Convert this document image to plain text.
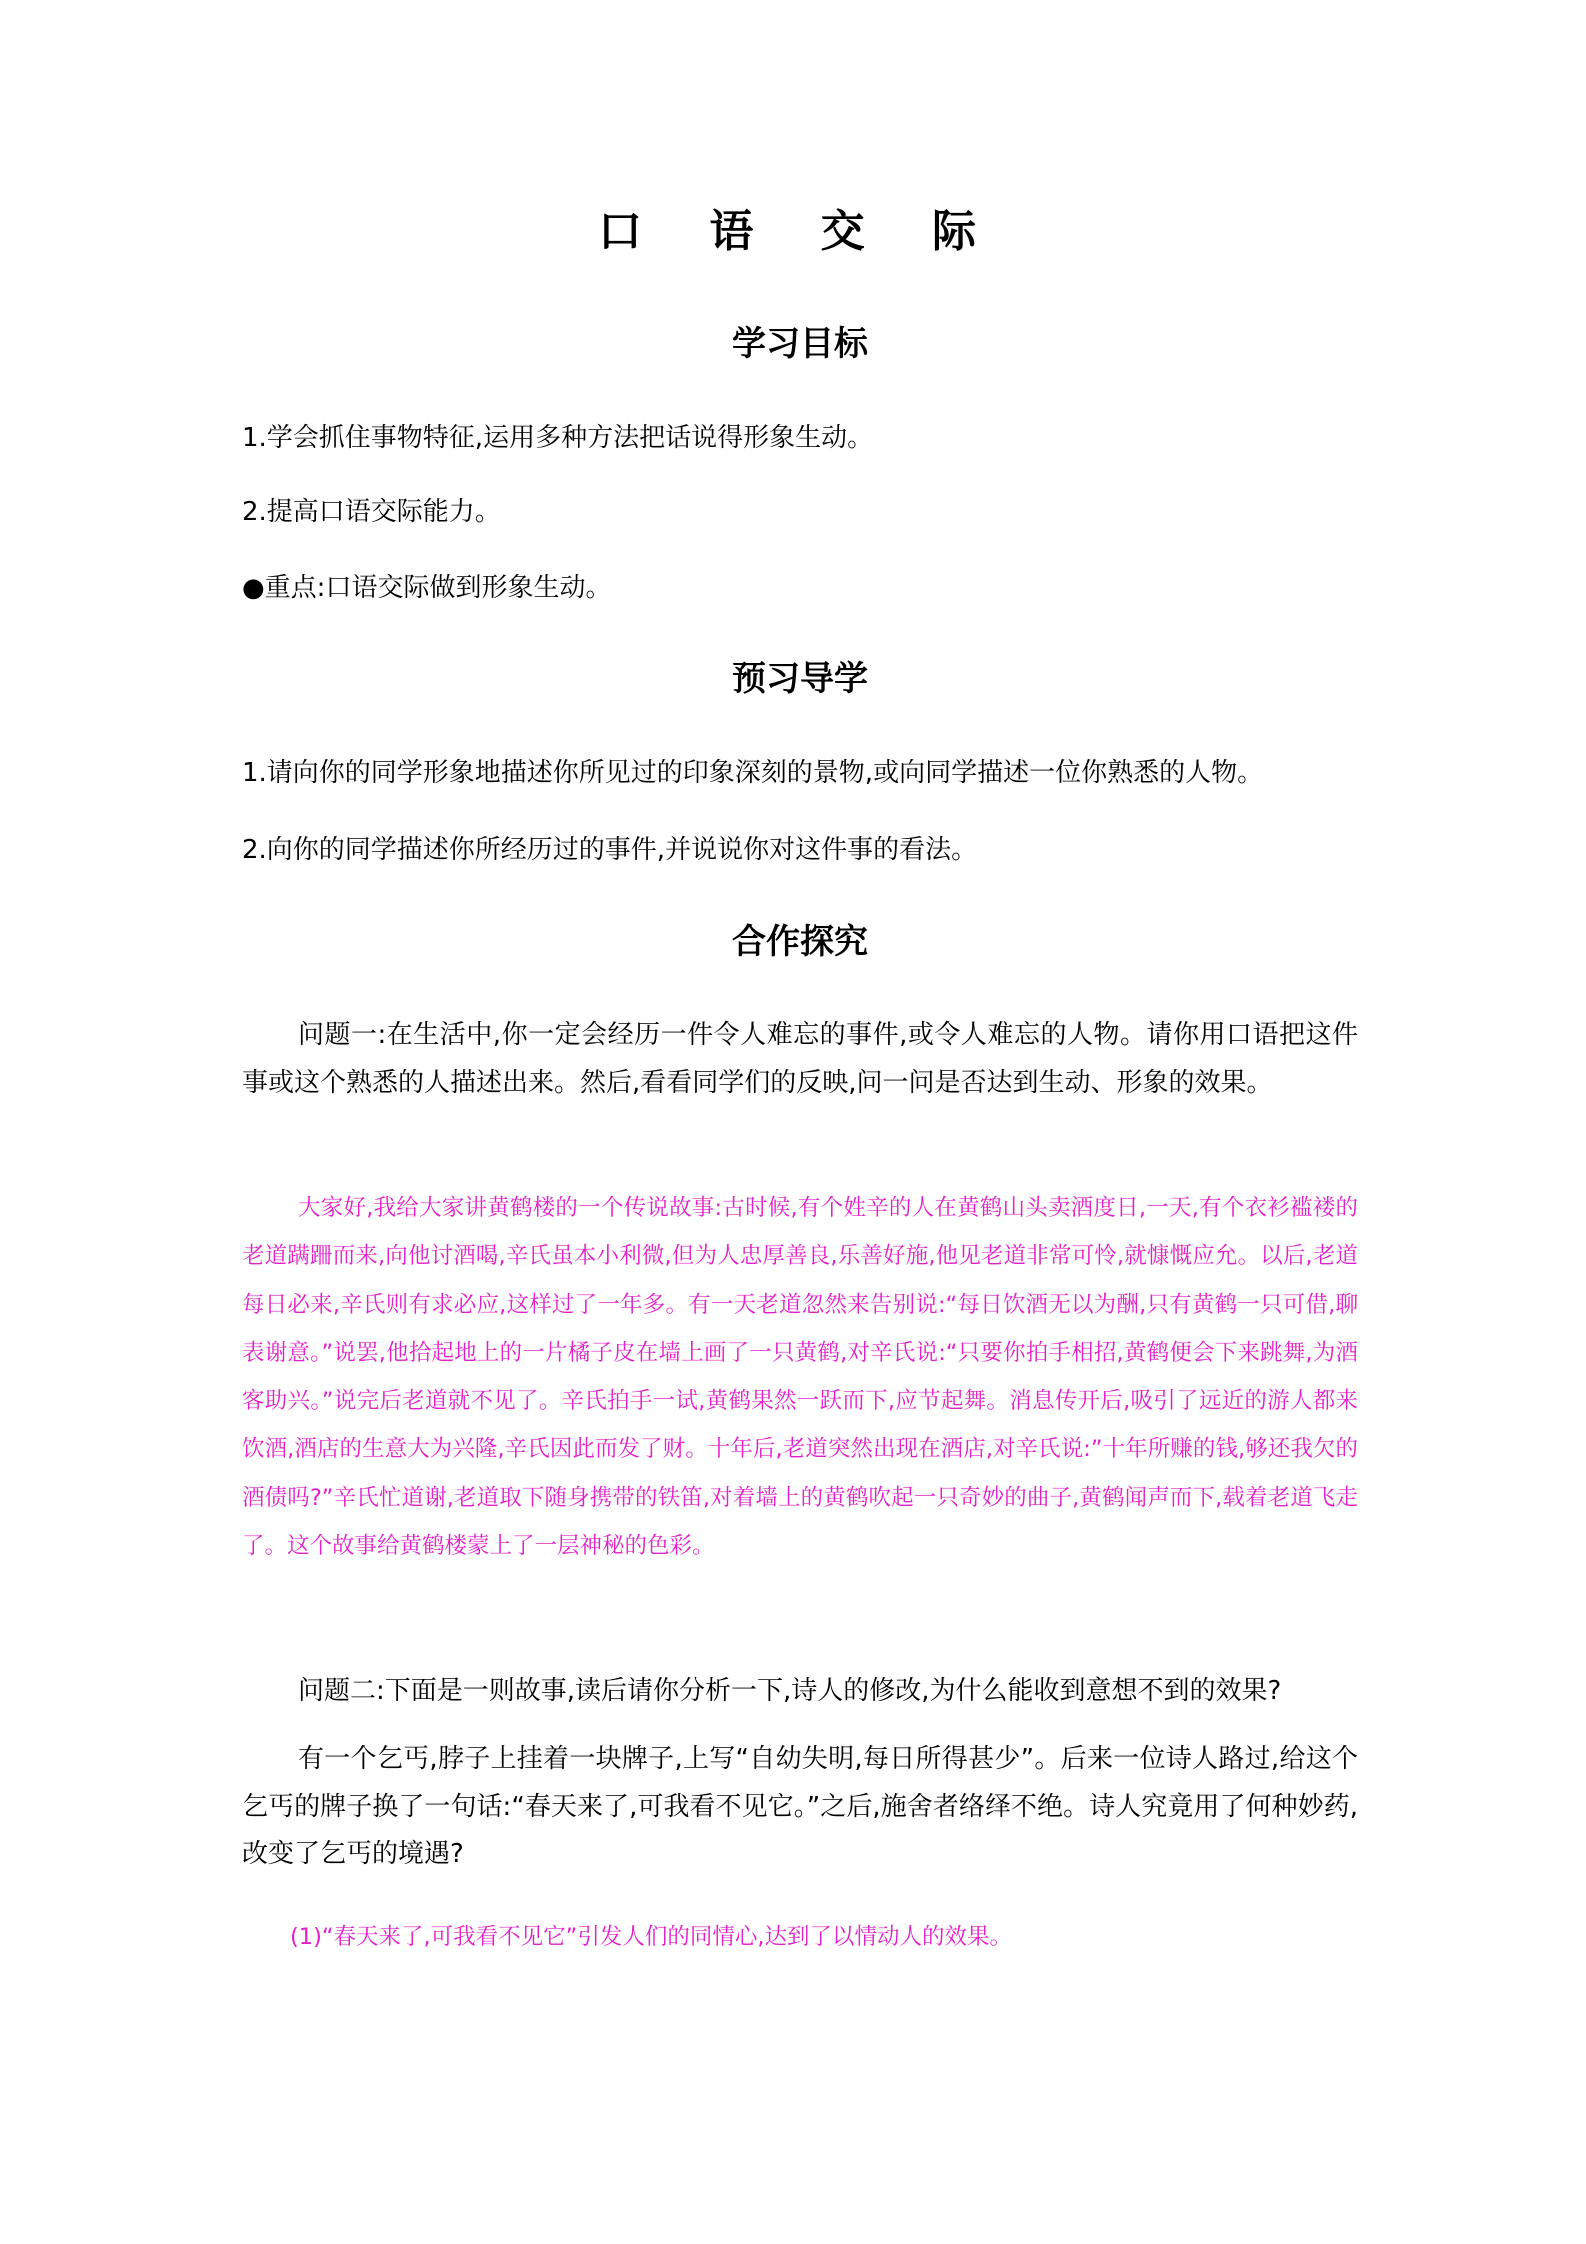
口 语 交 际
学习目标

1.学会抓住事物特征,运用多种方法把话说得形象生动。

2.提高口语交际能力。

●重点:口语交际做到形象生动。

预习导学

1.请向你的同学形象地描述你所见过的印象深刻的景物,或向同学描述一位你熟悉的人物。

2.向你的同学描述你所经历过的事件,并说说你对这件事的看法。

合作探究

问题一:在生活中,你一定会经历一件令人难忘的事件,或令人难忘的人物。请你用口语把这件事或这个熟悉的人描述出来。然后,看看同学们的反映,问一问是否达到生动、形象的效果。

大家好,我给大家讲黄鹤楼的一个传说故事:古时候,有个姓辛的人在黄鹤山头卖酒度日,一天,有个衣衫褴褛的老道蹒跚而来,向他讨酒喝,辛氏虽本小利微,但为人忠厚善良,乐善好施,他见老道非常可怜,就慷慨应允。以后,老道每日必来,辛氏则有求必应,这样过了一年多。有一天老道忽然来告别说:“每日饮酒无以为酬,只有黄鹤一只可借,聊表谢意。”说罢,他拾起地上的一片橘子皮在墙上画了一只黄鹤,对辛氏说:“只要你拍手相招,黄鹤便会下来跳舞,为酒客助兴。”说完后老道就不见了。辛氏拍手一试,黄鹤果然一跃而下,应节起舞。消息传开后,吸引了远近的游人都来饮酒,酒店的生意大为兴隆,辛氏因此而发了财。十年后,老道突然出现在酒店,对辛氏说:”十年所赚的钱,够还我欠的酒债吗?”辛氏忙道谢,老道取下随身携带的铁笛,对着墙上的黄鹤吹起一只奇妙的曲子,黄鹤闻声而下,载着老道飞走了。这个故事给黄鹤楼蒙上了一层神秘的色彩。

问题二:下面是一则故事,读后请你分析一下,诗人的修改,为什么能收到意想不到的效果?

有一个乞丐,脖子上挂着一块牌子,上写“自幼失明,每日所得甚少”。后来一位诗人路过,给这个乞丐的牌子换了一句话:“春天来了,可我看不见它。”之后,施舍者络绎不绝。诗人究竟用了何种妙药,改变了乞丐的境遇?

(1)“春天来了,可我看不见它”引发人们的同情心,达到了以情动人的效果。
